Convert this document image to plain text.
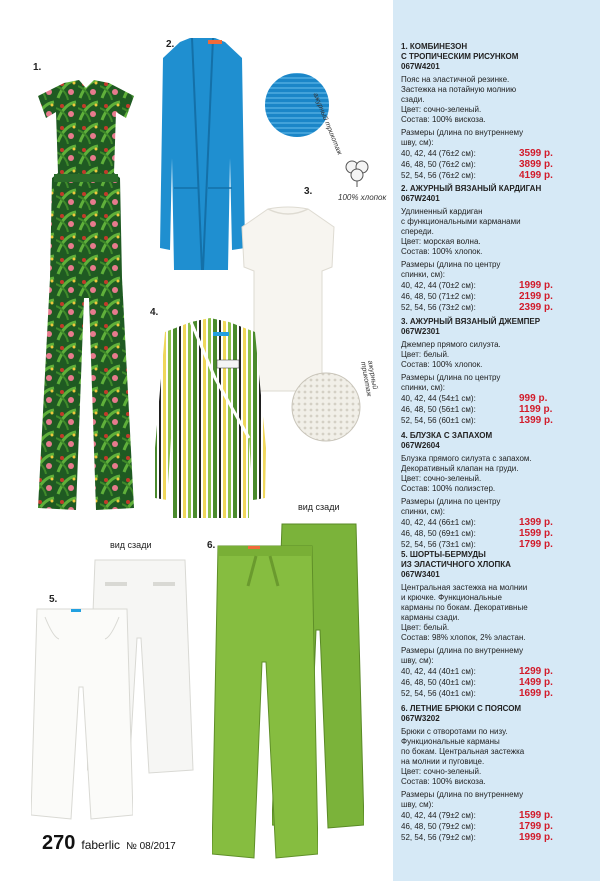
ажурный трикотаж
100% хлопок
ажурный трикотаж
вид сзади
вид сзади
1.
2.
3.
4.
5.
6.
270 faberlic № 08/2017
1. КОМБИНЕЗОН
С ТРОПИЧЕСКИМ РИСУНКОМ
067W4201
Пояс на эластичной резинке.
Застежка на потайную молнию
сзади.
Цвет: сочно-зеленый.
Состав: 100% вискоза.
Размеры (длина по внутреннему
шву, см):
40, 42, 44 (76±2 см):	3599 р.
46, 48, 50 (76±2 см):	3899 р.
52, 54, 56 (76±2 см):	4199 р.
2. АЖУРНЫЙ ВЯЗАНЫЙ КАРДИГАН
067W2401
Удлиненный кардиган
с функциональными карманами
спереди.
Цвет: морская волна.
Состав: 100% хлопок.
Размеры (длина по центру
спинки, см):
40, 42, 44 (70±2 см):	1999 р.
46, 48, 50 (71±2 см):	2199 р.
52, 54, 56 (73±2 см):	2399 р.
3. АЖУРНЫЙ ВЯЗАНЫЙ ДЖЕМПЕР
067W2301
Джемпер прямого силуэта.
Цвет: белый.
Состав: 100% хлопок.
Размеры (длина по центру
спинки, см):
40, 42, 44 (54±1 см):	999 р.
46, 48, 50 (56±1 см):	1199 р.
52, 54, 56 (60±1 см):	1399 р.
4. БЛУЗКА С ЗАПАХОМ
067W2604
Блузка прямого силуэта с запахом.
Декоративный клапан на груди.
Цвет: сочно-зеленый.
Состав: 100% полиэстер.
Размеры (длина по центру
спинки, см):
40, 42, 44 (66±1 см):	1399 р.
46, 48, 50 (69±1 см):	1599 р.
52, 54, 56 (73±1 см):	1799 р.
5. ШОРТЫ-БЕРМУДЫ
ИЗ ЭЛАСТИЧНОГО ХЛОПКА
067W3401
Центральная застежка на молнии
и крючке. Функциональные
карманы по бокам. Декоративные
карманы сзади.
Цвет: белый.
Состав: 98% хлопок, 2% эластан.
Размеры (длина по внутреннему
шву, см):
40, 42, 44 (40±1 см):	1299 р.
46, 48, 50 (40±1 см):	1499 р.
52, 54, 56 (40±1 см):	1699 р.
6. ЛЕТНИЕ БРЮКИ С ПОЯСОМ
067W3202
Брюки с отворотами по низу.
Функциональные карманы
по бокам. Центральная застежка
на молнии и пуговице.
Цвет: сочно-зеленый.
Состав: 100% вискоза.
Размеры (длина по внутреннему
шву, см):
40, 42, 44 (79±2 см):	1599 р.
46, 48, 50 (79±2 см):	1799 р.
52, 54, 56 (79±2 см):	1999 р.
